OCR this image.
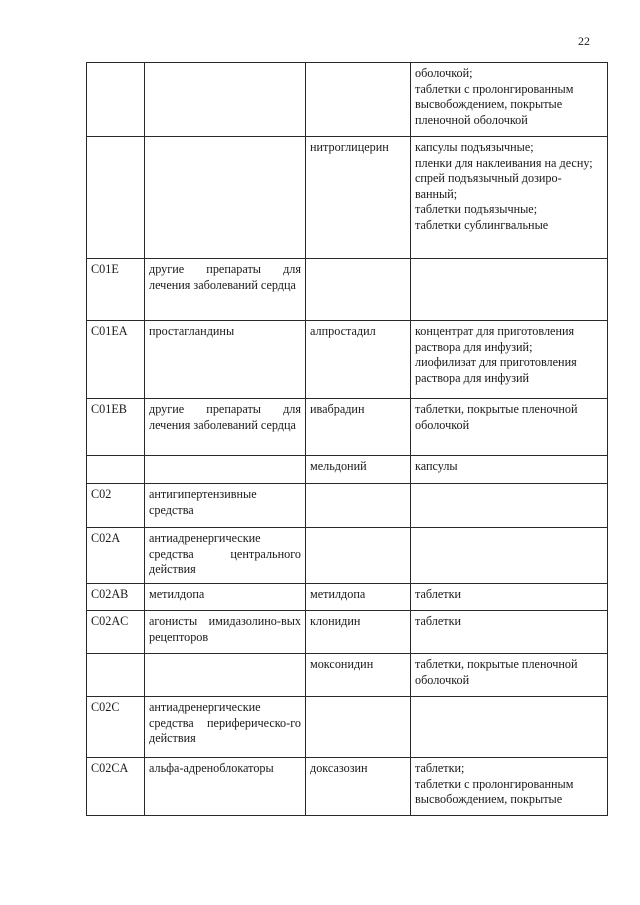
22
			оболочкой;
таблетки с пролонгированным высвобождением, покрытые пленочной оболочкой
		нитроглицерин	капсулы подъязычные;
пленки для наклеивания на десну;
спрей подъязычный дозиро-ванный;
таблетки подъязычные;
таблетки сублингвальные
C01E	другие препараты для лечения заболеваний сердца		
C01EA	простагландины	алпростадил	концентрат для приготовления раствора для инфузий;
лиофилизат для приготовления раствора для инфузий
C01EB	другие препараты для лечения заболеваний сердца	ивабрадин	таблетки, покрытые пленочной оболочкой
		мельдоний	капсулы
C02	антигипертензивные средства		
C02A	антиадренергические средства центрального действия		
C02AB	метилдопа	метилдопа	таблетки
C02AC	агонисты имидазолино-вых рецепторов	клонидин	таблетки
		моксонидин	таблетки, покрытые пленочной оболочкой
C02C	антиадренергические средства периферическо-го действия		
C02CA	альфа-адреноблокаторы	доксазозин	таблетки;
таблетки с пролонгированным высвобождением, покрытые
